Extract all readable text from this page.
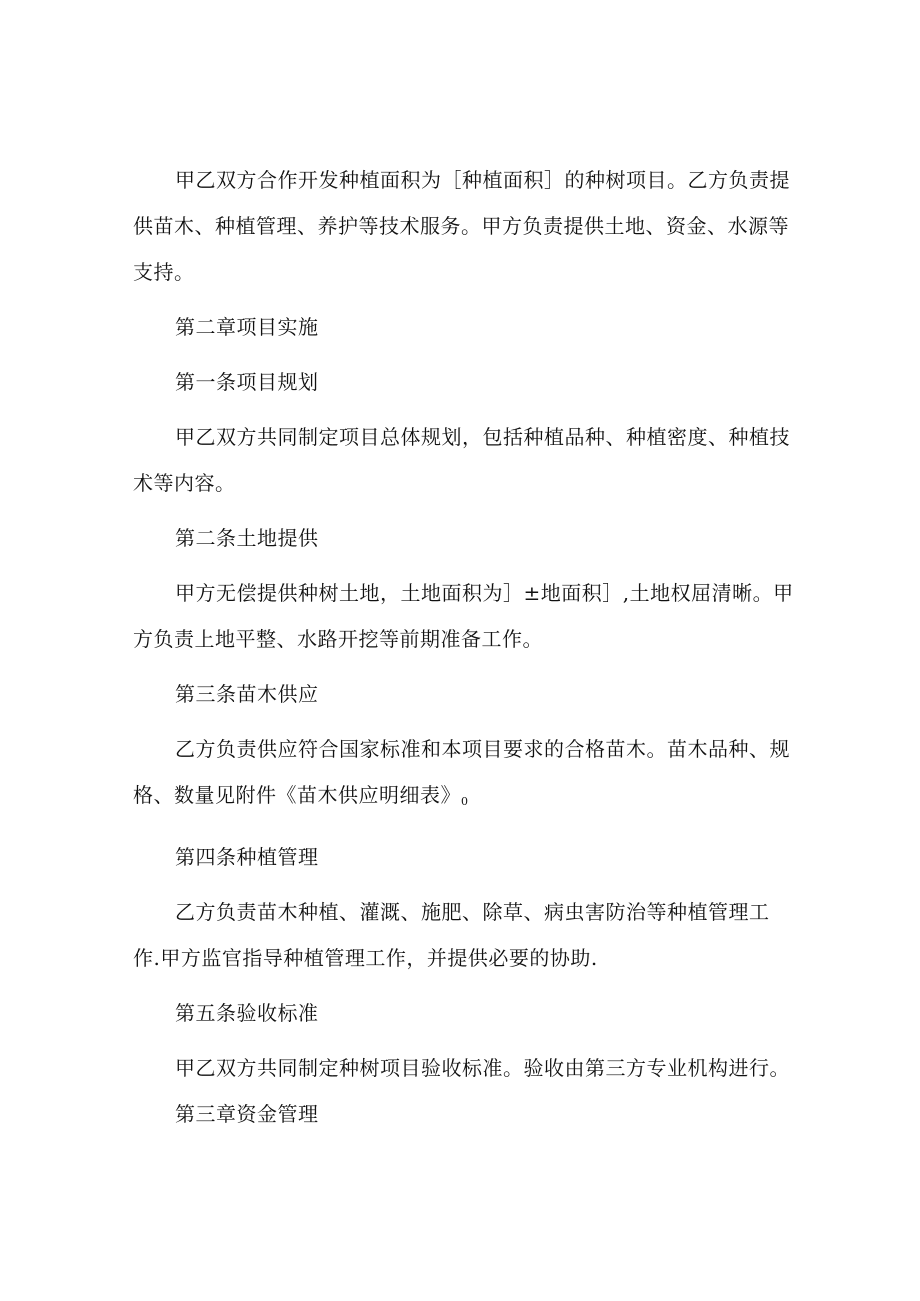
甲乙双方合作开发种植面积为［种植面积］的种树项目。乙方负责提供苗木、种植管理、养护等技术服务。甲方负责提供土地、资金、水源等支持。

第二章项目实施

第一条项目规划

甲乙双方共同制定项目总体规划，包括种植品种、种植密度、种植技术等内容。

第二条土地提供

甲方无偿提供种树土地，土地面积为］±地面积］,土地权屈清晰。甲方负责上地平整、水路开挖等前期准备工作。

第三条苗木供应

乙方负责供应符合国家标准和本项目要求的合格苗木。苗木品种、规格、数量见附件《苗木供应明细表》$_0$

第四条种植管理

乙方负责苗木种植、灌溉、施肥、除草、病虫害防治等种植管理工作.甲方监官指导种植管理工作，并提供必要的协助.

第五条验收标准

甲乙双方共同制定种树项目验收标准。验收由第三方专业机构进行。

第三章资金管理
